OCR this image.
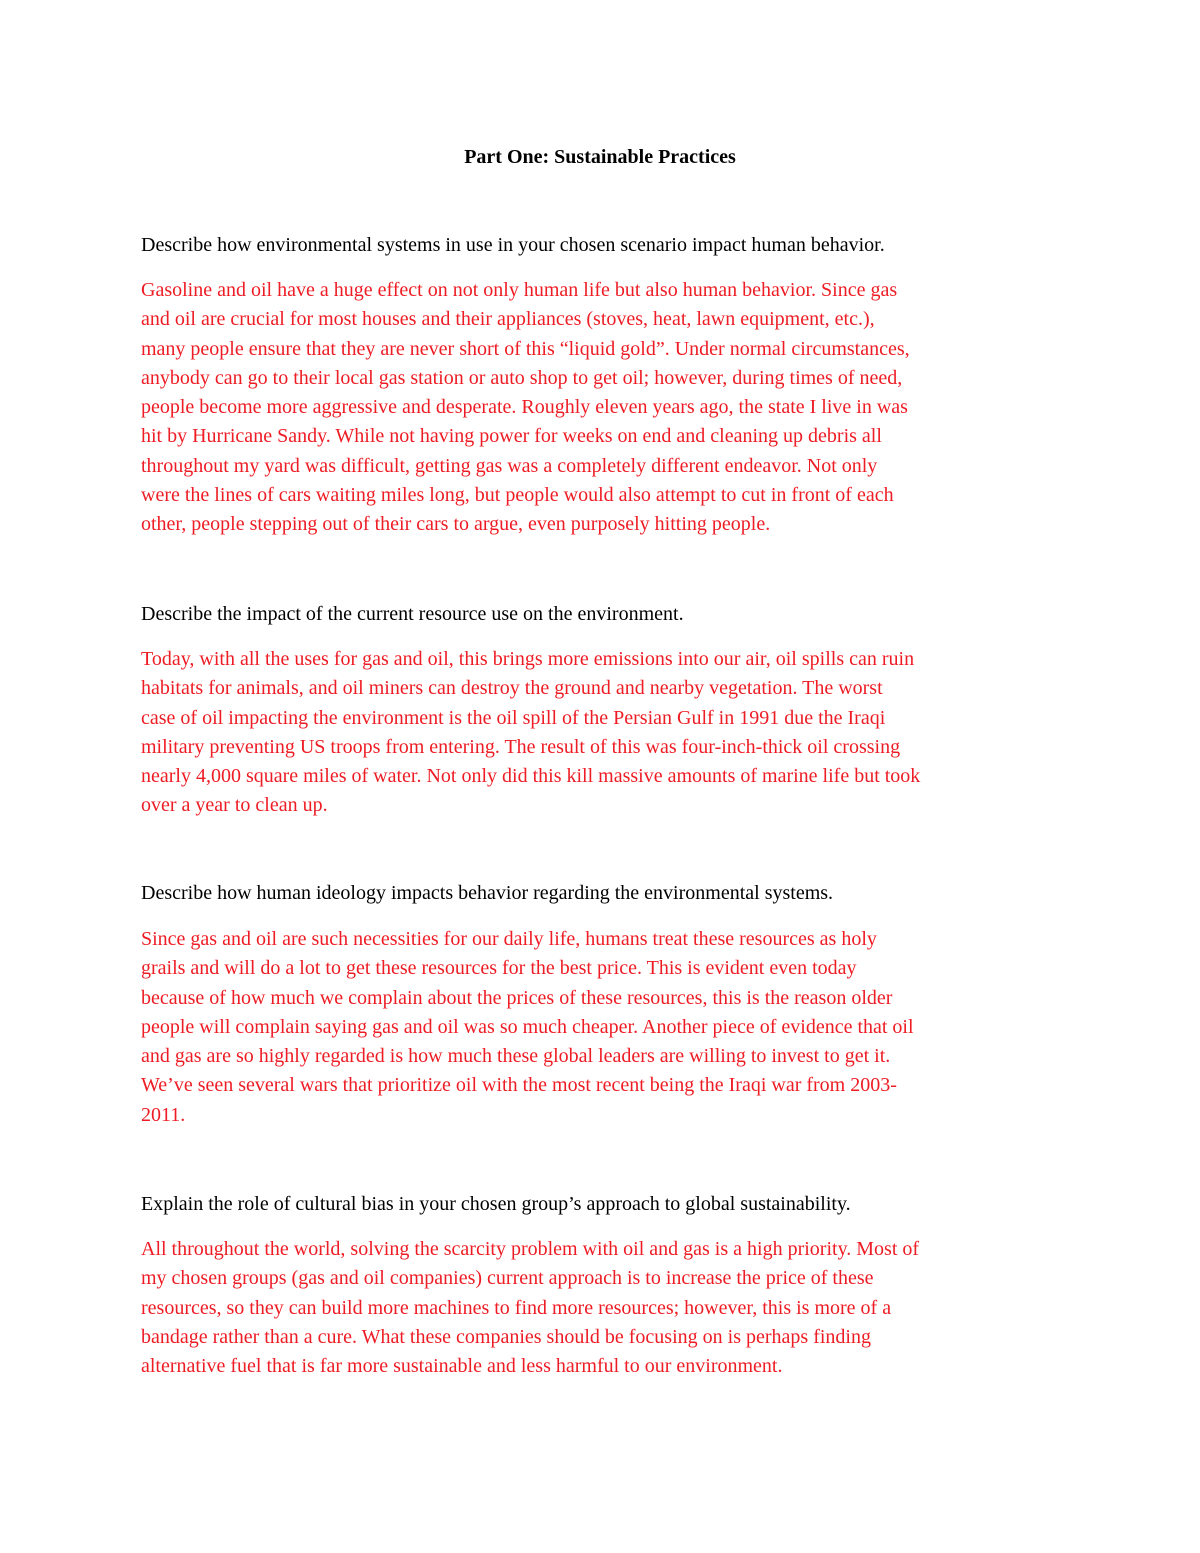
Part One: Sustainable Practices
Describe how environmental systems in use in your chosen scenario impact human behavior.
Gasoline and oil have a huge effect on not only human life but also human behavior. Since gas
and oil are crucial for most houses and their appliances (stoves, heat, lawn equipment, etc.),
many people ensure that they are never short of this “liquid gold”. Under normal circumstances,
anybody can go to their local gas station or auto shop to get oil; however, during times of need,
people become more aggressive and desperate. Roughly eleven years ago, the state I live in was
hit by Hurricane Sandy. While not having power for weeks on end and cleaning up debris all
throughout my yard was difficult, getting gas was a completely different endeavor. Not only
were the lines of cars waiting miles long, but people would also attempt to cut in front of each
other, people stepping out of their cars to argue, even purposely hitting people.
Describe the impact of the current resource use on the environment.
Today, with all the uses for gas and oil, this brings more emissions into our air, oil spills can ruin
habitats for animals, and oil miners can destroy the ground and nearby vegetation. The worst
case of oil impacting the environment is the oil spill of the Persian Gulf in 1991 due the Iraqi
military preventing US troops from entering. The result of this was four-inch-thick oil crossing
nearly 4,000 square miles of water. Not only did this kill massive amounts of marine life but took
over a year to clean up.
Describe how human ideology impacts behavior regarding the environmental systems.
Since gas and oil are such necessities for our daily life, humans treat these resources as holy
grails and will do a lot to get these resources for the best price. This is evident even today
because of how much we complain about the prices of these resources, this is the reason older
people will complain saying gas and oil was so much cheaper. Another piece of evidence that oil
and gas are so highly regarded is how much these global leaders are willing to invest to get it.
We’ve seen several wars that prioritize oil with the most recent being the Iraqi war from 2003-
2011.
Explain the role of cultural bias in your chosen group’s approach to global sustainability.
All throughout the world, solving the scarcity problem with oil and gas is a high priority. Most of
my chosen groups (gas and oil companies) current approach is to increase the price of these
resources, so they can build more machines to find more resources; however, this is more of a
bandage rather than a cure. What these companies should be focusing on is perhaps finding
alternative fuel that is far more sustainable and less harmful to our environment.
